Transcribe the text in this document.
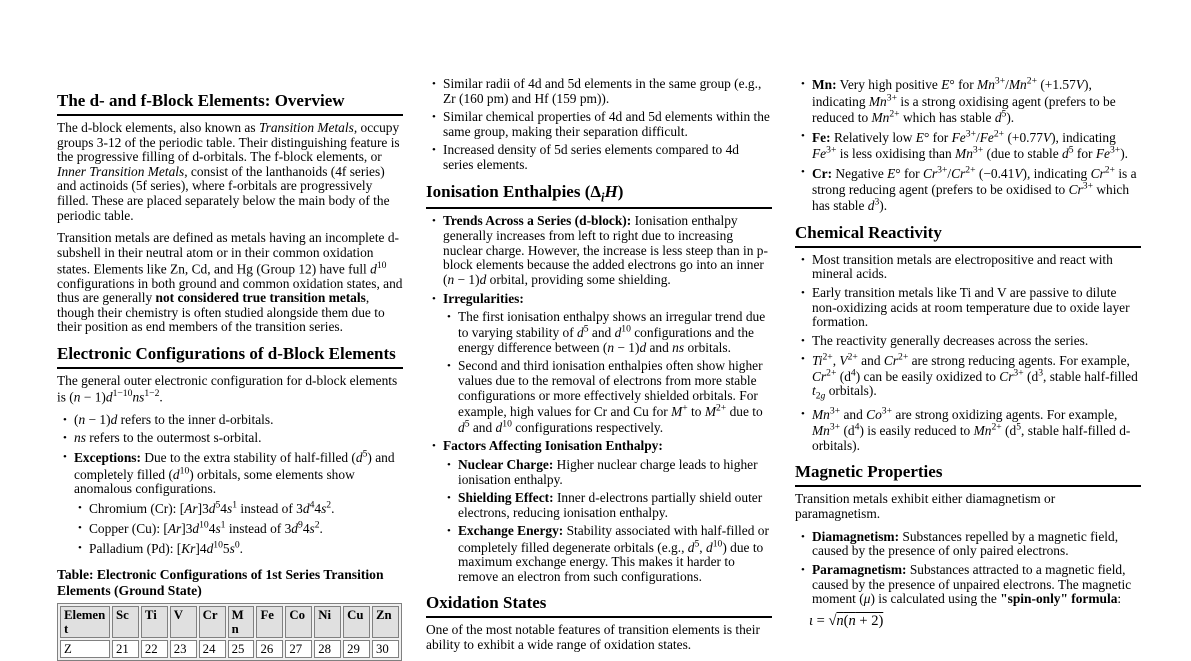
The d- and f-Block Elements: Overview

The d-block elements, also known as Transition Metals, occupy groups 3-12 of the periodic table. Their distinguishing feature is the progressive filling of d-orbitals. The f-block elements, or Inner Transition Metals, consist of the lanthanoids (4f series) and actinoids (5f series), where f-orbitals are progressively filled. These are placed separately below the main body of the periodic table.

Transition metals are defined as metals having an incomplete d-subshell in their neutral atom or in their common oxidation states. Elements like Zn, Cd, and Hg (Group 12) have full $d^{10}$ configurations in both ground and common oxidation states, and thus are generally not considered true transition metals, though their chemistry is often studied alongside them due to their position as end members of the transition series.

Electronic Configurations of d-Block Elements

The general outer electronic configuration for d-block elements is $(n - 1)d^{1-10}ns^{1-2}$.

• (n − 1)d refers to the inner d-orbitals.
• ns refers to the outermost s-orbital.
• Exceptions: Due to the extra stability of half-filled $(d^5)$ and completely filled $(d^{10})$ orbitals, some elements show anomalous configurations.
• Chromium (Cr): $[Ar]3d^54s^1$ instead of $3d^44s^2$.
• Copper (Cu): $[Ar]3d^{10}4s^1$ instead of $3d^94s^2$.
• Palladium (Pd): $[Kr]4d^{10}5s^0$.
Table: Electronic Configurations of 1st Series Transition Elements (Ground State)
Element	Sc	Ti	V	Cr	Mn	Fe	Co	Ni	Cu	Zn
Z	21	22	23	24	25	26	27	28	29	30
• Similar radii of 4d and 5d elements in the same group (e.g., Zr (160 pm) and Hf (159 pm)).
• Similar chemical properties of 4d and 5d elements within the same group, making their separation difficult.
• Increased density of 5d series elements compared to 4d series elements.
Ionisation Enthalpies $(\Delta_iH)$
• Trends Across a Series (d-block): Ionisation enthalpy generally increases from left to right due to increasing nuclear charge. However, the increase is less steep than in p-block elements because the added electrons go into an inner (n − 1)d orbital, providing some shielding.
• Irregularities:
• The first ionisation enthalpy shows an irregular trend due to varying stability of $d^5$ and $d^{10}$ configurations and the energy difference between (n − 1)d and ns orbitals.
• Second and third ionisation enthalpies often show higher values due to the removal of electrons from more stable configurations or more effectively shielded orbitals. For example, high values for Cr and Cu for M+ to $M^{2+}$ due to $d^5$ and $d^{10}$ configurations respectively.
• Factors Affecting Ionisation Enthalpy:
• Nuclear Charge: Higher nuclear charge leads to higher ionisation enthalpy.
• Shielding Effect: Inner d-electrons partially shield outer electrons, reducing ionisation enthalpy.
• Exchange Energy: Stability associated with half-filled or completely filled degenerate orbitals (e.g., $d^5$, $d^{10}$) due to maximum exchange energy. This makes it harder to remove an electron from such configurations.
Oxidation States

One of the most notable features of transition elements is their ability to exhibit a wide range of oxidation states.

• Mn: Very high positive E° for $Mn^{3+}/Mn^{2+}$ (+1.57V), indicating $Mn^{3+}$ is a strong oxidising agent (prefers to be reduced to $Mn^{2+}$ which has stable $d^5$).
• Fe: Relatively low E° for $Fe^{3+}/Fe^{2+}$ (+0.77V), indicating $Fe^{3+}$ is less oxidising than $Mn^{3+}$ (due to stable $d^5$ for $Fe^{3+}$).
• Cr: Negative E° for $Cr^{3+}/Cr^{2+}$ (−0.41V), indicating $Cr^{2+}$ is a strong reducing agent (prefers to be oxidised to $Cr^{3+}$ which has stable $d^3$).
Chemical Reactivity
• Most transition metals are electropositive and react with mineral acids.
• Early transition metals like Ti and V are passive to dilute non-oxidizing acids at room temperature due to oxide layer formation.
• The reactivity generally decreases across the series.
• $Ti^{2+}$, $V^{2+}$ and $Cr^{2+}$ are strong reducing agents. For example, $Cr^{2+}$ $(d^4)$ can be easily oxidized to $Cr^{3+}$ ($d^3$, stable half-filled $t_{2g}$ orbitals).
• $Mn^{3+}$ and $Co^{3+}$ are strong oxidizing agents. For example, $Mn^{3+}$ $(d^4)$ is easily reduced to $Mn^{2+}$ ($d^5$, stable half-filled d-orbitals).
Magnetic Properties

Transition metals exhibit either diamagnetism or paramagnetism.

• Diamagnetism: Substances repelled by a magnetic field, caused by the presence of only paired electrons.
• Paramagnetism: Substances attracted to a magnetic field, caused by the presence of unpaired electrons. The magnetic moment (μ) is calculated using the "spin-only" formula:
ι = √n(n + 2)
